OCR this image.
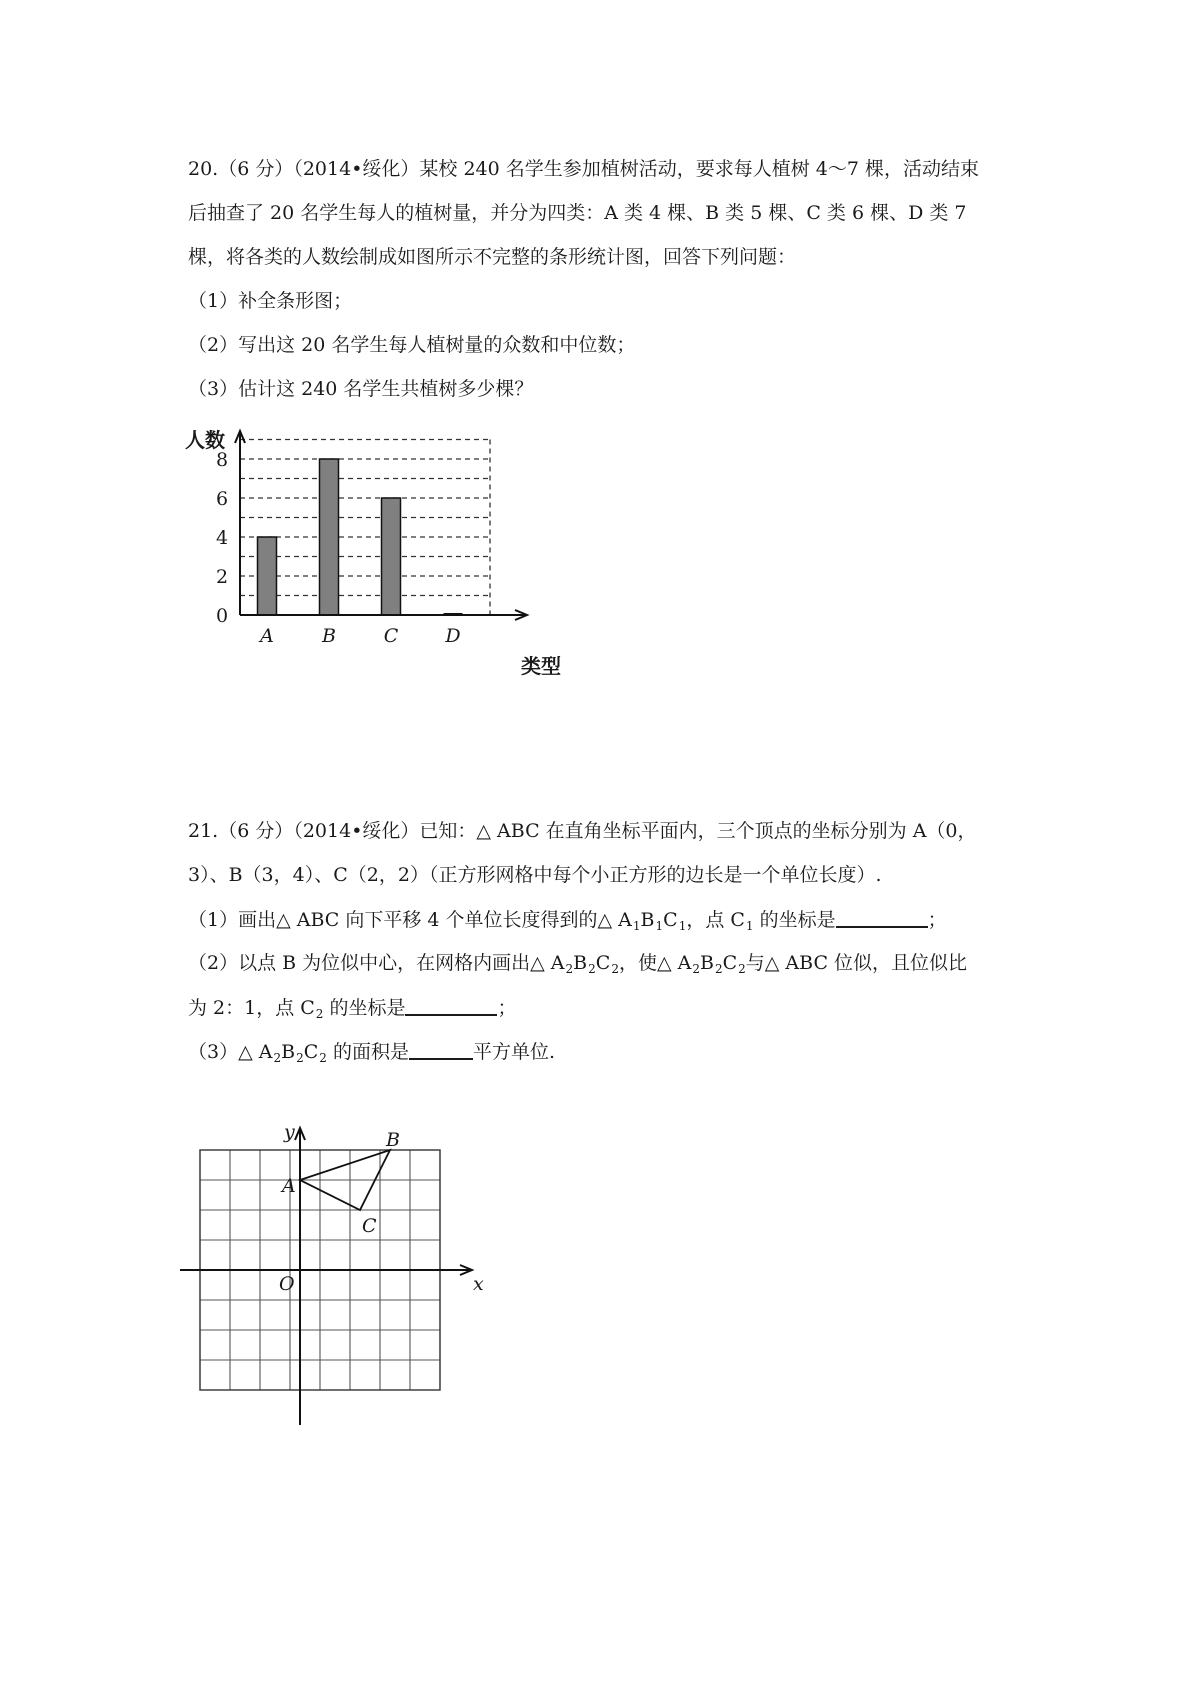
20.（6 分）（2014•绥化）某校 240 名学生参加植树活动，要求每人植树 4～7 棵，活动结束
后抽查了 20 名学生每人的植树量，并分为四类：A 类 4 棵、B 类 5 棵、C 类 6 棵、D 类 7
棵，将各类的人数绘制成如图所示不完整的条形统计图，回答下列问题：
（1）补全条形图；
（2）写出这 20 名学生每人植树量的众数和中位数；
（3）估计这 240 名学生共植树多少棵？
A	B	C D
0
2
4
6
8
人数
类型
21.（6 分）（2014•绥化）已知：△ ABC 在直角坐标平面内，三个顶点的坐标分别为 A（0，
3）、B（3，4）、C（2，2）（正方形网格中每个小正方形的边长是一个单位长度）.
（1）画出△ ABC 向下平移 4 个单位长度得到的△ $A_1B_1C_1$，点 $C_1$ 的坐标是	；
（2）以点 B 为位似中心，在网格内画出△ $A_2B_2C_2$，使△ $A_2B_2C_2$与△ ABC 位似，且位似比
为 2：1，点 $C_2$ 的坐标是	；
（3）△ $A_2B_2C_2$ 的面积是	平方单位.
x
y
O
A
B
C
